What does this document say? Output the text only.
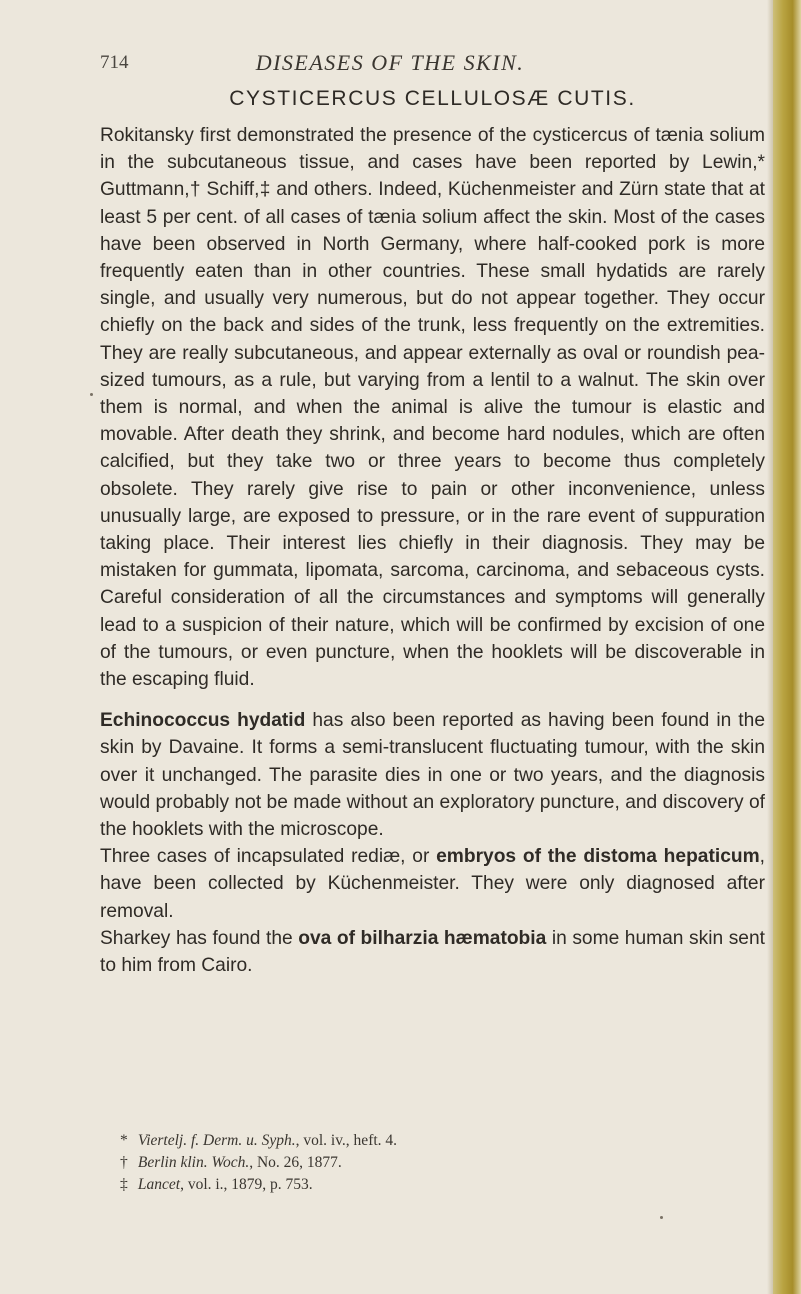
714	DISEASES OF THE SKIN.
CYSTICERCUS CELLULOSÆ CUTIS.

Rokitansky first demonstrated the presence of the cysticercus of tænia solium in the subcutaneous tissue, and cases have been reported by Lewin,* Guttmann,† Schiff,‡ and others. Indeed, Küchenmeister and Zürn state that at least 5 per cent. of all cases of tænia solium affect the skin. Most of the cases have been observed in North Germany, where half-cooked pork is more frequently eaten than in other countries. These small hydatids are rarely single, and usually very numerous, but do not appear together. They occur chiefly on the back and sides of the trunk, less frequently on the extremities. They are really subcutaneous, and appear externally as oval or roundish pea-sized tumours, as a rule, but varying from a lentil to a walnut. The skin over them is normal, and when the animal is alive the tumour is elastic and movable. After death they shrink, and become hard nodules, which are often calcified, but they take two or three years to become thus completely obsolete. They rarely give rise to pain or other inconvenience, unless unusually large, are exposed to pressure, or in the rare event of suppuration taking place. Their interest lies chiefly in their diagnosis. They may be mistaken for gummata, lipomata, sarcoma, carcinoma, and sebaceous cysts. Careful consideration of all the circumstances and symptoms will generally lead to a suspicion of their nature, which will be confirmed by excision of one of the tumours, or even puncture, when the hooklets will be discoverable in the escaping fluid.

Echinococcus hydatid has also been reported as having been found in the skin by Davaine. It forms a semi-translucent fluctuating tumour, with the skin over it unchanged. The parasite dies in one or two years, and the diagnosis would probably not be made without an exploratory puncture, and discovery of the hooklets with the microscope.

Three cases of incapsulated rediæ, or embryos of the distoma hepaticum, have been collected by Küchenmeister. They were only diagnosed after removal.

Sharkey has found the ova of bilharzia hæmatobia in some human skin sent to him from Cairo.

* Viertelj. f. Derm. u. Syph., vol. iv., heft. 4.
† Berlin klin. Woch., No. 26, 1877.
‡ Lancet, vol. i., 1879, p. 753.
